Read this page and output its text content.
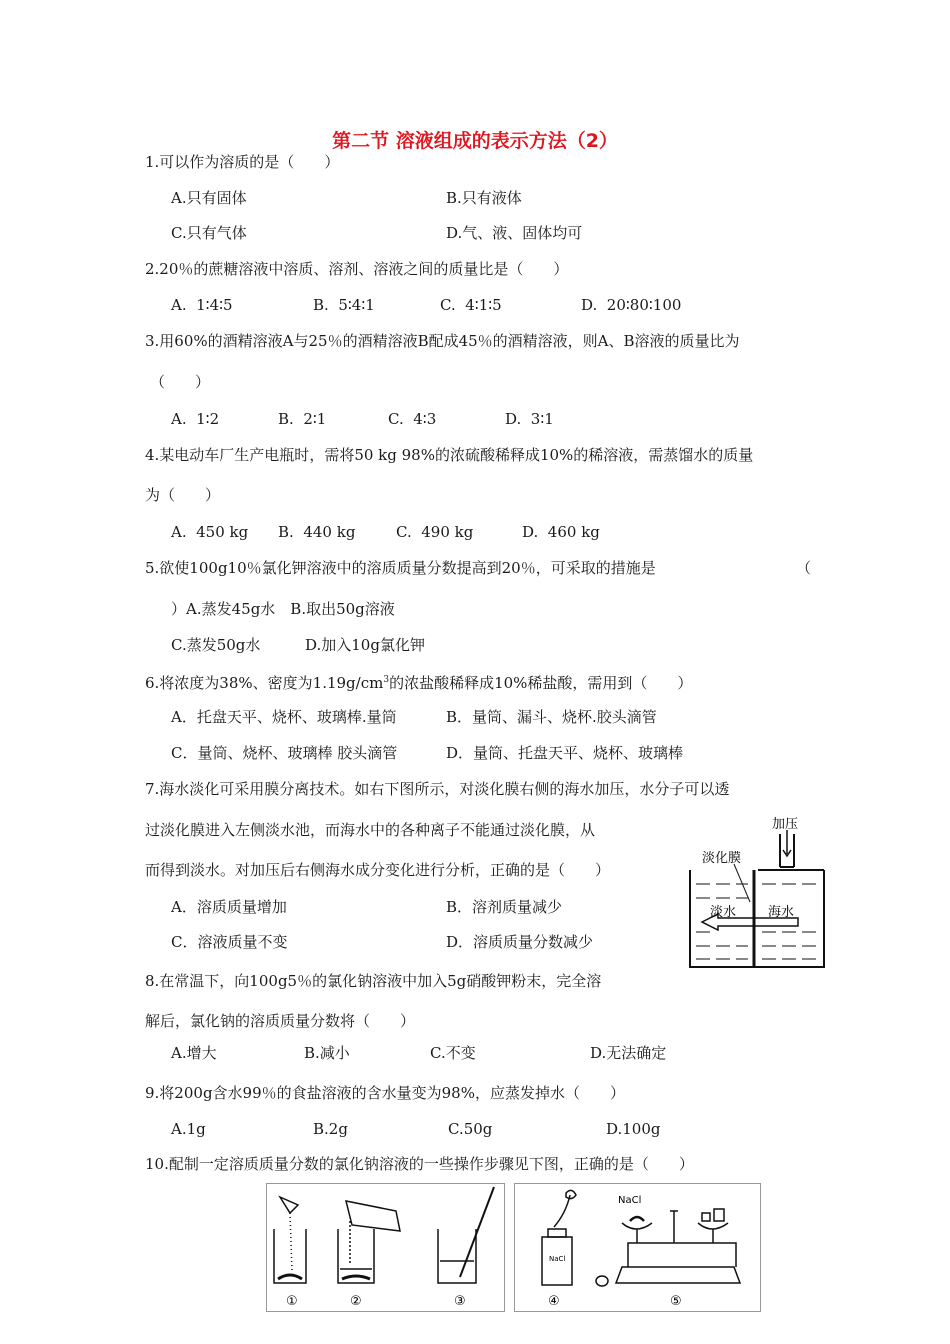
第二节 溶液组成的表示方法（2）
1.可以作为溶质的是（　　）
A.只有固体	B.只有液体
C.只有气体	D.气、液、固体均可
2.20％的蔗糖溶液中溶质、溶剂、溶液之间的质量比是（　　）
A.  1∶4∶5	B.  5∶4∶1	C.  4∶1∶5	D.  20∶80∶100
3.用60%的酒精溶液A与25％的酒精溶液B配成45％的酒精溶液，则A、B溶液的质量比为
（　　）
A.  1∶2	B.  2∶1	C.  4∶3	D.  3∶1
4.某电动车厂生产电瓶时，需将50 kg 98%的浓硫酸稀释成10%的稀溶液，需蒸馏水的质量
为（　　）
A.  450 kg B.  440 kg	C.  490 kg	D.  460 kg
5.欲使100g10％氯化钾溶液中的溶质质量分数提高到20％，可采取的措施是	（
）A.蒸发45g水　B.取出50g溶液
C.蒸发50g水	D.加入10g氯化钾
6.将浓度为38%、密度为$1.19g/cm^3$的浓盐酸稀释成10%稀盐酸，需用到（　　）
A．托盘天平、烧杯、玻璃棒.量筒	B．量筒、漏斗、烧杯.胶头滴管
C．量筒、烧杯、玻璃棒 胶头滴管	D．量筒、托盘天平、烧杯、玻璃棒
7.海水淡化可采用膜分离技术。如右下图所示，对淡化膜右侧的海水加压，水分子可以透
过淡化膜进入左侧淡水池，而海水中的各种离子不能通过淡化膜，从
而得到淡水。对加压后右侧海水成分变化进行分析，正确的是（　　）
A．溶质质量增加	B．溶剂质量减少
C．溶液质量不变	D．溶质质量分数减少
加压
淡化膜
淡水 海水
8.在常温下，向100g5％的氯化钠溶液中加入5g硝酸钾粉末，完全溶
解后，氯化钠的溶质质量分数将（　　）
A.增大	B.减小	C.不变	D.无法确定
9.将200g含水99％的食盐溶液的含水量变为98%，应蒸发掉水（　　）
A.1g	B.2g	C.50g	D.100g
10.配制一定溶质质量分数的氯化钠溶液的一些操作步骤见下图，正确的是（　　）
NaCl
NaCl
①	②	③	④	⑤
